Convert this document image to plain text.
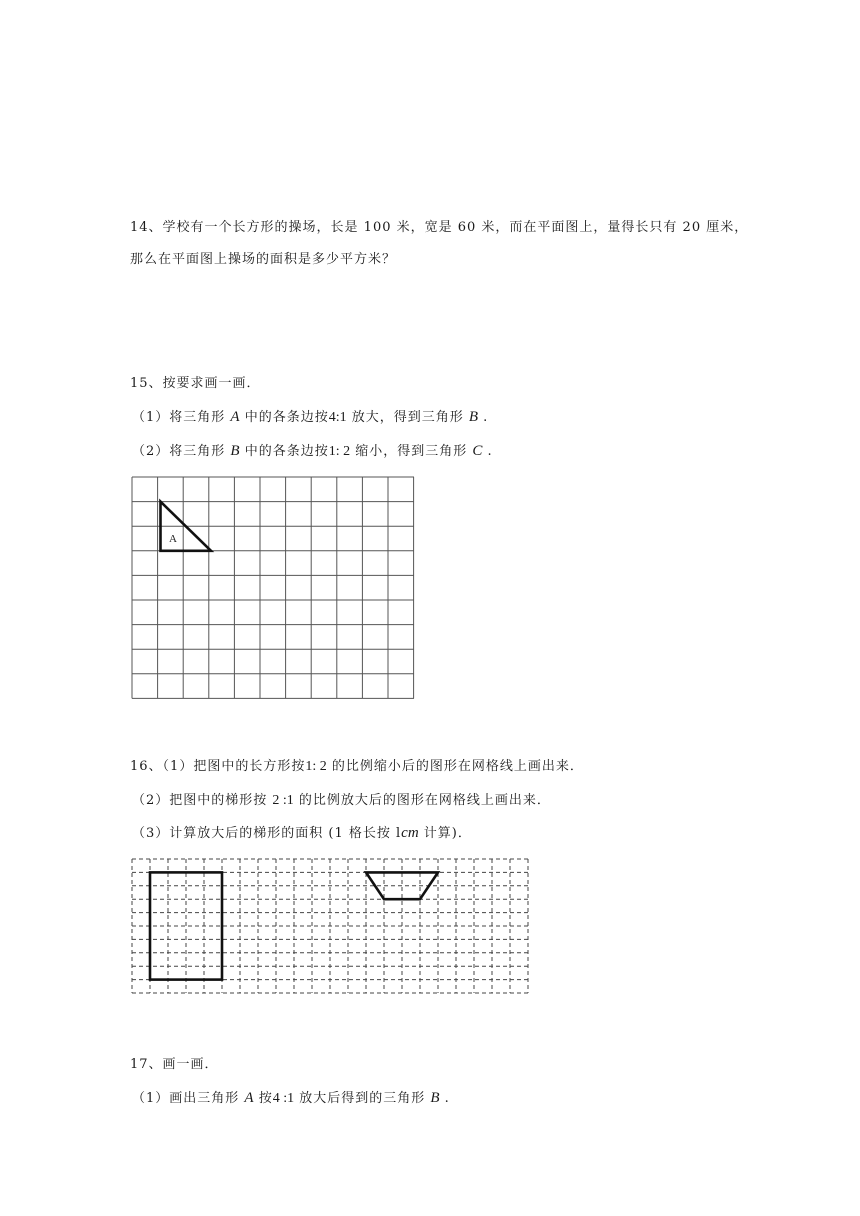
14、学校有一个长方形的操场，长是 100 米，宽是 60 米，而在平面图上，量得长只有 20 厘米，
那么在平面图上操场的面积是多少平方米？
15、按要求画一画．
（1）将三角形 A 中的各条边按4:1 放大，得到三角形 B .
（2）将三角形 B 中的各条边按1: 2 缩小，得到三角形 C .
A
16、（1）把图中的长方形按1: 2 的比例缩小后的图形在网格线上画出来．
（2）把图中的梯形按 2 :1 的比例放大后的图形在网格线上画出来．
（3）计算放大后的梯形的面积 (1 格长按 lcm 计算)．
17、画一画．
（1）画出三角形 A 按4 :1 放大后得到的三角形 B .
